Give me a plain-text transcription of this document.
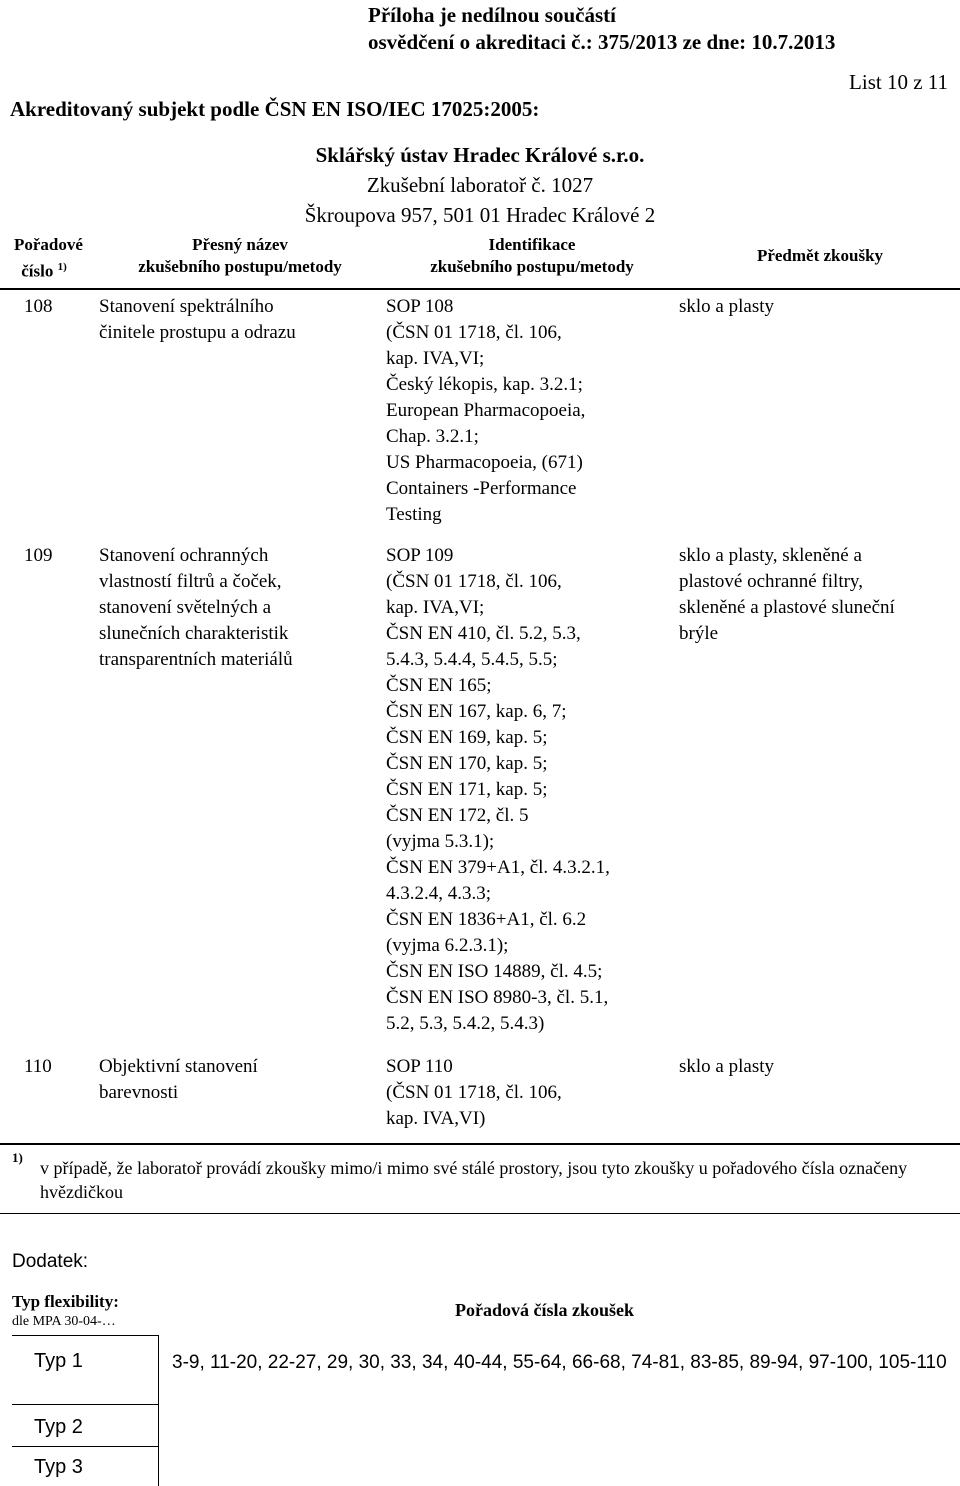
Příloha je nedílnou součástí
osvědčení o akreditaci č.: 375/2013 ze dne: 10.7.2013
List 10 z 11
Akreditovaný subjekt podle ČSN EN ISO/IEC 17025:2005:
Sklářský ústav Hradec Králové s.r.o.
Zkušební laboratoř č. 1027
Škroupova 957, 501 01 Hradec Králové 2
Pořadové
číslo $^{1)}$
Přesný název
zkušebního postupu/metody
Identifikace
zkušebního postupu/metody
Předmět zkoušky
108 Stanovení spektrálního
činitele prostupu a odrazu
SOP 108
(ČSN 01 1718, čl. 106,
kap. IVA,VI;
Český lékopis, kap. 3.2.1;
European Pharmacopoeia,
Chap. 3.2.1;
US Pharmacopoeia, (671)
Containers -Performance
Testing
sklo a plasty
109 Stanovení ochranných
vlastností filtrů a čoček,
stanovení světelných a
slunečních charakteristik
transparentních materiálů
SOP 109
(ČSN 01 1718, čl. 106,
kap. IVA,VI;
ČSN EN 410, čl. 5.2, 5.3,
5.4.3, 5.4.4, 5.4.5, 5.5;
ČSN EN 165;
ČSN EN 167, kap. 6, 7;
ČSN EN 169, kap. 5;
ČSN EN 170, kap. 5;
ČSN EN 171, kap. 5;
ČSN EN 172, čl. 5
(vyjma 5.3.1);
ČSN EN 379+A1, čl. 4.3.2.1,
4.3.2.4, 4.3.3;
ČSN EN 1836+A1, čl. 6.2
(vyjma 6.2.3.1);
ČSN EN ISO 14889, čl. 4.5;
ČSN EN ISO 8980-3, čl. 5.1,
5.2, 5.3, 5.4.2, 5.4.3)
sklo a plasty, skleněné a
plastové ochranné filtry,
skleněné a plastové sluneční
brýle
110 Objektivní stanovení
barevnosti
SOP 110
(ČSN 01 1718, čl. 106,
kap. IVA,VI)
sklo a plasty
1)
v případě, že laboratoř provádí zkoušky mimo/i mimo své stálé prostory, jsou tyto zkoušky u pořadového čísla označeny hvězdičkou
Dodatek:
Typ flexibility:
dle MPA 30-04-…
Pořadová čísla zkoušek
Typ 1	3-9, 11-20, 22-27, 29, 30, 33, 34, 40-44, 55-64, 66-68, 74-81, 83-85, 89-94, 97-100, 105-110
Typ 2
Typ 3
